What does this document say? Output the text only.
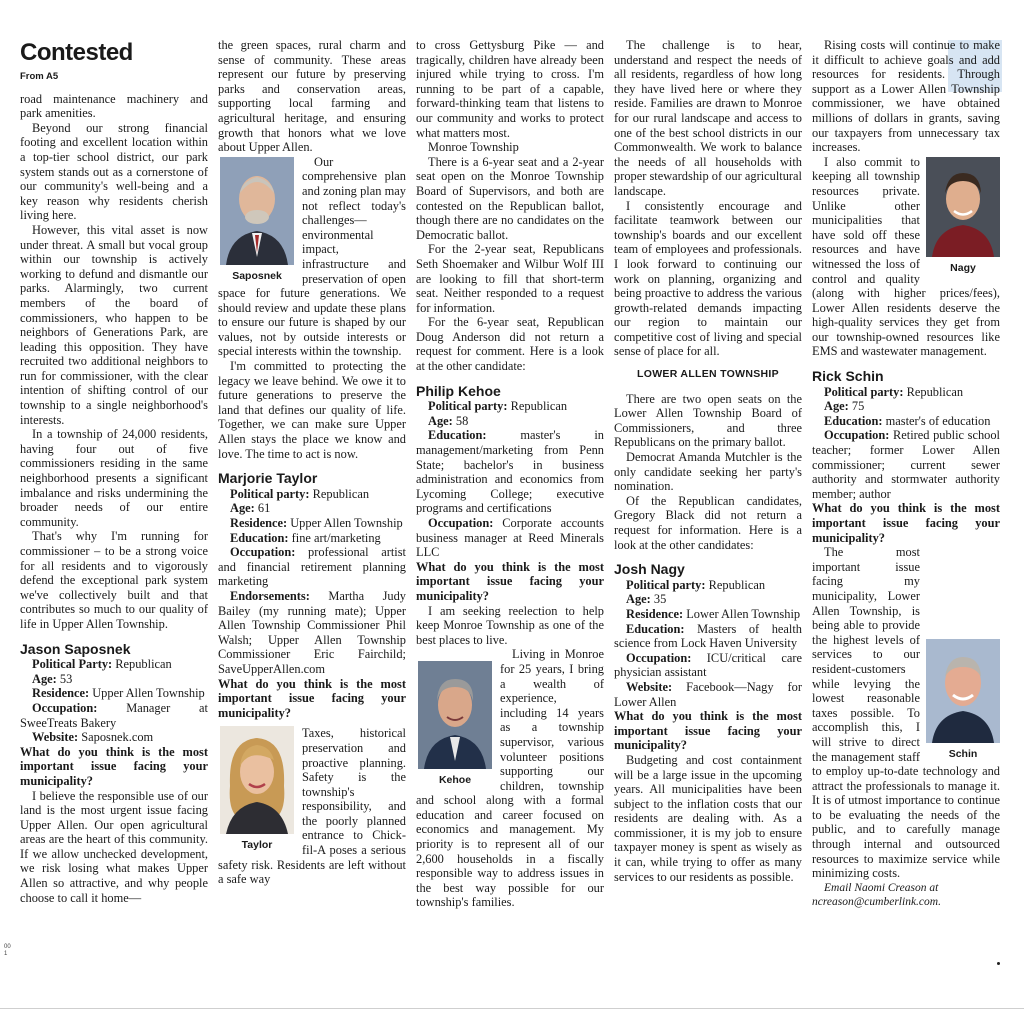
Contested
From A5

road maintenance machinery and park amenities.

Beyond our strong financial footing and excellent location within a top-tier school district, our park system stands out as a cornerstone of our community's well-being and a key reason why residents cherish living here.

However, this vital asset is now under threat. A small but vocal group within our township is actively working to defund and dismantle our parks. Alarmingly, two current members of the board of commissioners, who happen to be neighbors of Generations Park, are leading this opposition. They have recruited two additional neighbors to run for commissioner, with the clear intention of shifting control of our township to a single neighborhood's interests.

In a township of 24,000 residents, having four out of five commissioners residing in the same neighborhood presents a significant imbalance and risks undermining the broader needs of our entire community.

That's why I'm running for commissioner – to be a strong voice for all residents and to vigorously defend the exceptional park system we've collectively built and that contributes so much to our quality of life in Upper Allen Township.

Jason Saposnek

Political Party: Republican

Age: 53

Residence: Upper Allen Township

Occupation: Manager at SweeTreats Bakery

Website: Saposnek.com

What do you think is the most important issue facing your municipality?

I believe the responsible use of our land is the most urgent issue facing Upper Allen. Our open agricultural areas are the heart of this community. If we allow unchecked development, we risk losing what makes Upper Allen so attractive, and why people choose to call it home—

the green spaces, rural charm and sense of community. These areas represent our future by preserving parks and conservation areas, supporting local farming and agricultural heritage, and ensuring growth that honors what we love about Upper Allen.

Saposnek

Our comprehensive plan and zoning plan may not reflect today's challenges—environmental impact, infrastructure and preservation of open space for future generations. We should review and update these plans to ensure our future is shaped by our values, not by outside interests or special interests within the township.

I'm committed to protecting the legacy we leave behind. We owe it to future generations to preserve the land that defines our quality of life. Together, we can make sure Upper Allen stays the place we know and love. The time to act is now.

Marjorie Taylor

Political party: Republican

Age: 61

Residence: Upper Allen Township

Education: fine art/marketing

Occupation: professional artist and financial retirement planning marketing

Endorsements: Martha Judy Bailey (my running mate); Upper Allen Township Commissioner Phil Walsh; Upper Allen Township Commissioner Eric Fairchild; SaveUpperAllen.com

What do you think is the most important issue facing your municipality?

Taylor

Taxes, historical preservation and proactive planning. Safety is the township's responsibility, and the poorly planned entrance to Chick-fil-A poses a serious safety risk. Residents are left without a safe way

to cross Gettysburg Pike — and tragically, children have already been injured while trying to cross. I'm running to be part of a capable, forward-thinking team that listens to our community and works to protect what matters most.

Monroe Township

There is a 6-year seat and a 2-year seat open on the Monroe Township Board of Supervisors, and both are contested on the Republican ballot, though there are no candidates on the Democratic ballot.

For the 2-year seat, Republicans Seth Shoemaker and Wilbur Wolf III are looking to fill that short-term seat. Neither responded to a request for information.

For the 6-year seat, Republican Doug Anderson did not return a request for comment. Here is a look at the other candidate:

Philip Kehoe

Political party: Republican

Age: 58

Education:	master's in management/marketing from Penn State; bachelor's in business administration and economics from Lycoming College; executive programs and certifications

Occupation: Corporate accounts business manager at Reed Minerals LLC

What do you think is the most important issue facing your municipality?

I am seeking reelection to help keep Monroe Township as one of the best places to live.

Kehoe

Living in Monroe for 25 years, I bring a wealth of experience, including 14 years as a township supervisor, various volunteer positions supporting our children, township and school along with a formal education and career focused on economics and management. My priority is to represent all of our 2,600 households in a fiscally responsible way to address issues in the best way possible for our township's families.

The challenge is to hear, understand and respect the needs of all residents, regardless of how long they have lived here or where they reside. Families are drawn to Monroe for our rural landscape and access to one of the best school districts in our Commonwealth. We work to balance the needs of all households with proper stewardship of our agricultural landscape.

I consistently encourage and facilitate teamwork between our township's boards and our excellent team of employees and professionals. I look forward to continuing our work on planning, organizing and being proactive to address the various growth-related demands impacting our region to maintain our competitive cost of living and special sense of place for all.

LOWER ALLEN TOWNSHIP

There are two open seats on the Lower Allen Township Board of Commissioners, and three Republicans on the primary ballot.

Democrat Amanda Mutchler is the only candidate seeking her party's nomination.

Of the Republican candidates, Gregory Black did not return a request for information. Here is a look at the other candidates:

Josh Nagy

Political party: Republican

Age: 35

Residence: Lower Allen Township

Education: Masters of health science from Lock Haven University

Occupation: ICU/critical care physician assistant

Website: Facebook—Nagy for Lower Allen

What do you think is the most important issue facing your municipality?

Budgeting and cost containment will be a large issue in the upcoming years. All municipalities have been subject to the inflation costs that our residents are dealing with. As a commissioner, it is my job to ensure taxpayer money is spent as wisely as it can, while trying to offer as many services to our residents as possible.

Rising costs will continue to make it difficult to achieve goals and add resources for residents. Through support as a Lower Allen Township commissioner, we have obtained millions of dollars in grants, saving our taxpayers from unnecessary tax increases.

Nagy

I also commit to keeping all township resources private. Unlike other municipalities that have sold off these resources and have witnessed the loss of control and quality (along with higher prices/fees), Lower Allen residents deserve the high-quality services they get from our township-owned resources like EMS and wastewater management.

Rick Schin

Political party: Republican

Age: 75

Education: master's of education

Occupation: Retired public school teacher; former Lower Allen commissioner; current sewer authority and stormwater authority member; author

What do you think is the most important issue facing your municipality?

Schin

The most important issue facing my municipality, Lower Allen Township, is being able to provide the highest levels of services to our resident-customers while levying the lowest reasonable taxes possible. To accomplish this, I will strive to direct the management staff to employ up-to-date technology and attract the professionals to manage it. It is of utmost importance to continue to be evaluating the needs of the public, and to carefully manage through internal and outsourced resources to maximize service while minimizing costs.

Email Naomi Creason at ncreason@cumberlink.com.

00
1
